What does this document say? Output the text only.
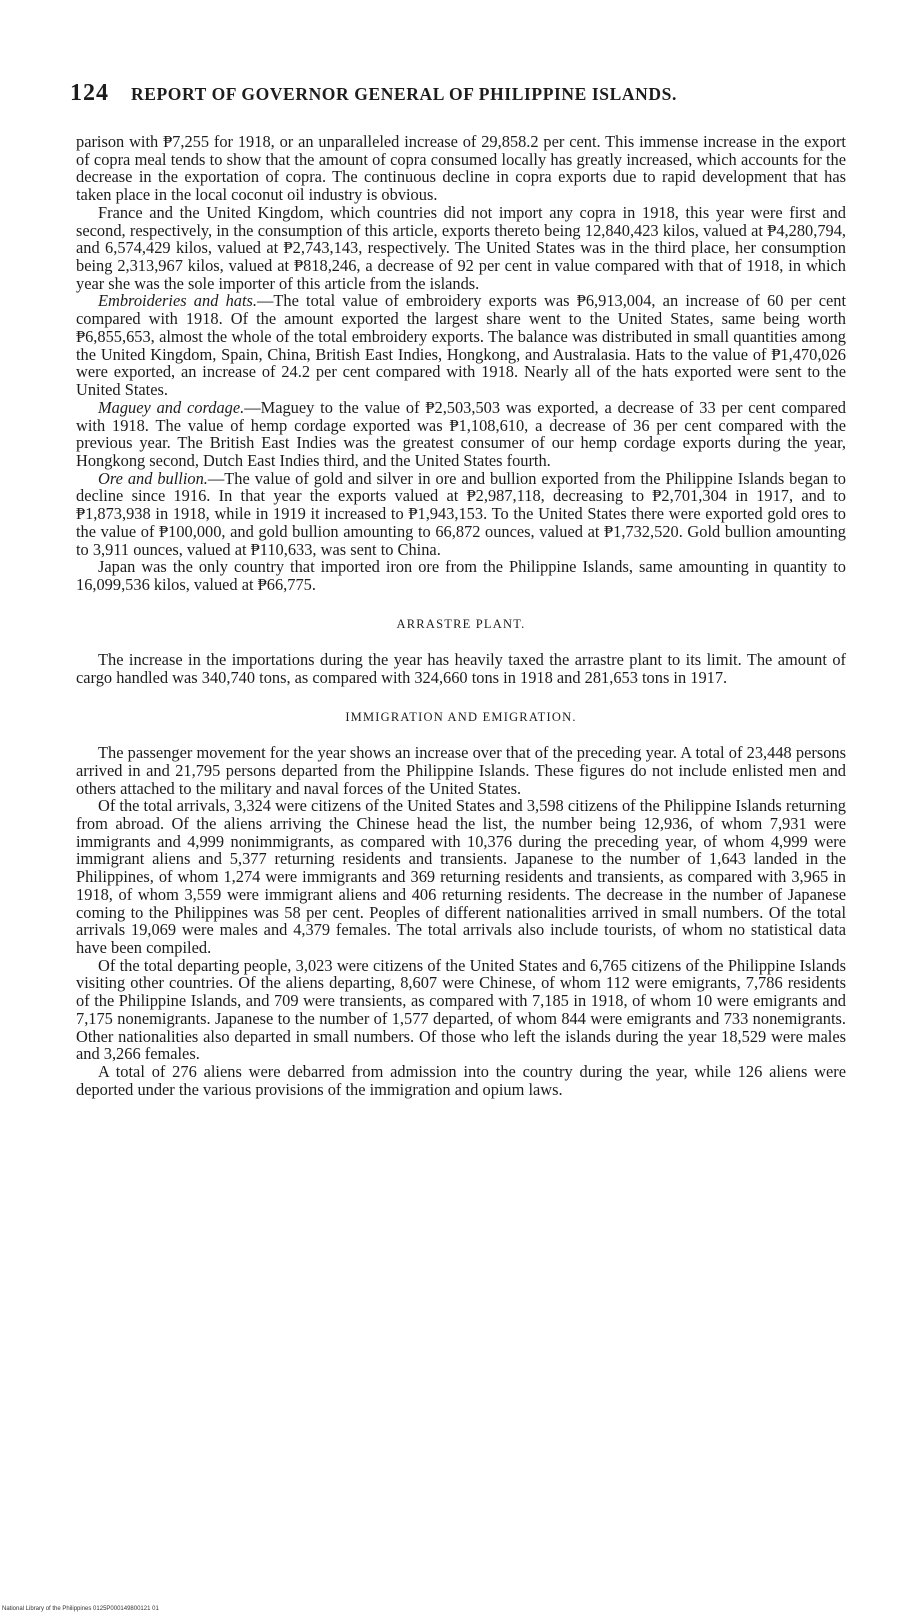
124 REPORT OF GOVERNOR GENERAL OF PHILIPPINE ISLANDS.

parison with ₱7,255 for 1918, or an unparalleled increase of 29,858.2 per cent. This immense increase in the export of copra meal tends to show that the amount of copra consumed locally has greatly increased, which accounts for the decrease in the exportation of copra. The continuous decline in copra exports due to rapid development that has taken place in the local coconut oil industry is obvious.

France and the United Kingdom, which countries did not import any copra in 1918, this year were first and second, respectively, in the consumption of this article, exports thereto being 12,840,423 kilos, valued at ₱4,280,794, and 6,574,429 kilos, valued at ₱2,743,143, respectively. The United States was in the third place, her consumption being 2,313,967 kilos, valued at ₱818,246, a decrease of 92 per cent in value compared with that of 1918, in which year she was the sole importer of this article from the islands.

Embroideries and hats.—The total value of embroidery exports was ₱6,913,004, an increase of 60 per cent compared with 1918. Of the amount exported the largest share went to the United States, same being worth ₱6,855,653, almost the whole of the total embroidery exports. The balance was distributed in small quantities among the United Kingdom, Spain, China, British East Indies, Hongkong, and Australasia. Hats to the value of ₱1,470,026 were exported, an increase of 24.2 per cent compared with 1918. Nearly all of the hats exported were sent to the United States.

Maguey and cordage.—Maguey to the value of ₱2,503,503 was exported, a decrease of 33 per cent compared with 1918. The value of hemp cordage exported was ₱1,108,610, a decrease of 36 per cent compared with the previous year. The British East Indies was the greatest consumer of our hemp cordage exports during the year, Hongkong second, Dutch East Indies third, and the United States fourth.

Ore and bullion.—The value of gold and silver in ore and bullion exported from the Philippine Islands began to decline since 1916. In that year the exports valued at ₱2,987,118, decreasing to ₱2,701,304 in 1917, and to ₱1,873,938 in 1918, while in 1919 it increased to ₱1,943,153. To the United States there were exported gold ores to the value of ₱100,000, and gold bullion amounting to 66,872 ounces, valued at ₱1,732,520. Gold bullion amounting to 3,911 ounces, valued at ₱110,633, was sent to China.

Japan was the only country that imported iron ore from the Philippine Islands, same amounting in quantity to 16,099,536 kilos, valued at ₱66,775.

ARRASTRE PLANT.

The increase in the importations during the year has heavily taxed the arrastre plant to its limit. The amount of cargo handled was 340,740 tons, as compared with 324,660 tons in 1918 and 281,653 tons in 1917.

IMMIGRATION AND EMIGRATION.

The passenger movement for the year shows an increase over that of the preceding year. A total of 23,448 persons arrived in and 21,795 persons departed from the Philippine Islands. These figures do not include enlisted men and others attached to the military and naval forces of the United States.

Of the total arrivals, 3,324 were citizens of the United States and 3,598 citizens of the Philippine Islands returning from abroad. Of the aliens arriving the Chinese head the list, the number being 12,936, of whom 7,931 were immigrants and 4,999 nonimmigrants, as compared with 10,376 during the preceding year, of whom 4,999 were immigrant aliens and 5,377 returning residents and transients. Japanese to the number of 1,643 landed in the Philippines, of whom 1,274 were immigrants and 369 returning residents and transients, as compared with 3,965 in 1918, of whom 3,559 were immigrant aliens and 406 returning residents. The decrease in the number of Japanese coming to the Philippines was 58 per cent. Peoples of different nationalities arrived in small numbers. Of the total arrivals 19,069 were males and 4,379 females. The total arrivals also include tourists, of whom no statistical data have been compiled.

Of the total departing people, 3,023 were citizens of the United States and 6,765 citizens of the Philippine Islands visiting other countries. Of the aliens departing, 8,607 were Chinese, of whom 112 were emigrants, 7,786 residents of the Philippine Islands, and 709 were transients, as compared with 7,185 in 1918, of whom 10 were emigrants and 7,175 nonemigrants. Japanese to the number of 1,577 departed, of whom 844 were emigrants and 733 nonemigrants. Other nationalities also departed in small numbers. Of those who left the islands during the year 18,529 were males and 3,266 females.

A total of 276 aliens were debarred from admission into the country during the year, while 126 aliens were deported under the various provisions of the immigration and opium laws.

National Library of the Philippines 0125P000149800121 01
